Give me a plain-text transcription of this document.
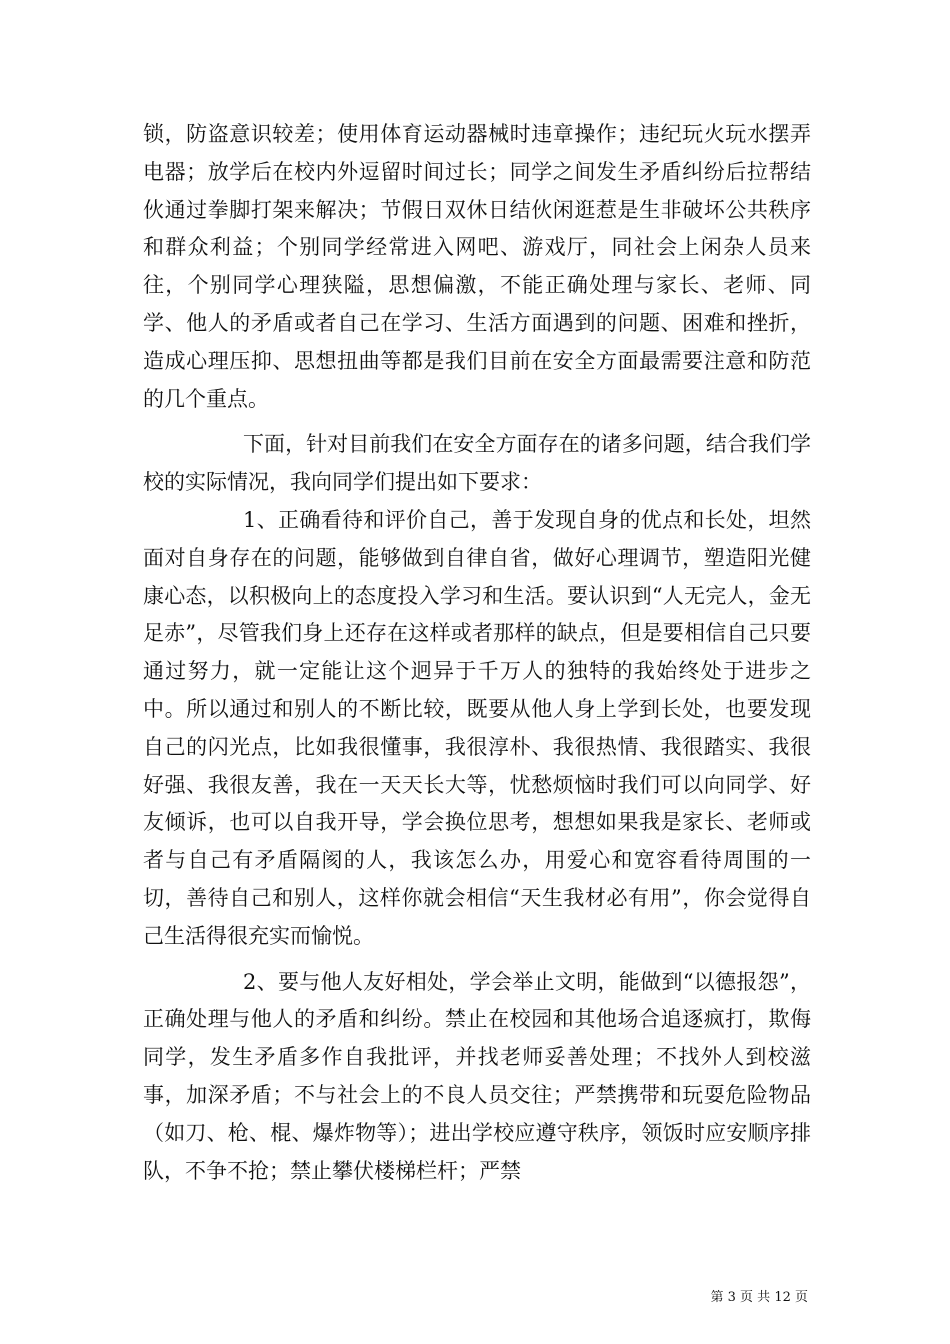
锁，防盗意识较差；使用体育运动器械时违章操作；违纪玩火玩水摆弄电器；放学后在校内外逗留时间过长；同学之间发生矛盾纠纷后拉帮结伙通过拳脚打架来解决；节假日双休日结伙闲逛惹是生非破坏公共秩序和群众利益；个别同学经常进入网吧、游戏厅，同社会上闲杂人员来往，个别同学心理狭隘，思想偏激，不能正确处理与家长、老师、同学、他人的矛盾或者自己在学习、生活方面遇到的问题、困难和挫折，造成心理压抑、思想扭曲等都是我们目前在安全方面最需要注意和防范的几个重点。

下面，针对目前我们在安全方面存在的诸多问题，结合我们学校的实际情况，我向同学们提出如下要求：

1、正确看待和评价自己，善于发现自身的优点和长处，坦然面对自身存在的问题，能够做到自律自省，做好心理调节，塑造阳光健康心态，以积极向上的态度投入学习和生活。要认识到“人无完人，金无足赤”，尽管我们身上还存在这样或者那样的缺点，但是要相信自己只要通过努力，就一定能让这个迥异于千万人的独特的我始终处于进步之中。所以通过和别人的不断比较，既要从他人身上学到长处，也要发现自己的闪光点，比如我很懂事，我很淳朴、我很热情、我很踏实、我很好强、我很友善，我在一天天长大等，忧愁烦恼时我们可以向同学、好友倾诉，也可以自我开导，学会换位思考，想想如果我是家长、老师或者与自己有矛盾隔阂的人，我该怎么办，用爱心和宽容看待周围的一切，善待自己和别人，这样你就会相信“天生我材必有用”，你会觉得自己生活得很充实而愉悦。

2、要与他人友好相处，学会举止文明，能做到“以德报怨”，正确处理与他人的矛盾和纠纷。禁止在校园和其他场合追逐疯打，欺侮同学，发生矛盾多作自我批评，并找老师妥善处理；不找外人到校滋事，加深矛盾；不与社会上的不良人员交往；严禁携带和玩耍危险物品（如刀、枪、棍、爆炸物等）；进出学校应遵守秩序，领饭时应安顺序排队，不争不抢；禁止攀伏楼梯栏杆；严禁

第 3 页 共 12 页
